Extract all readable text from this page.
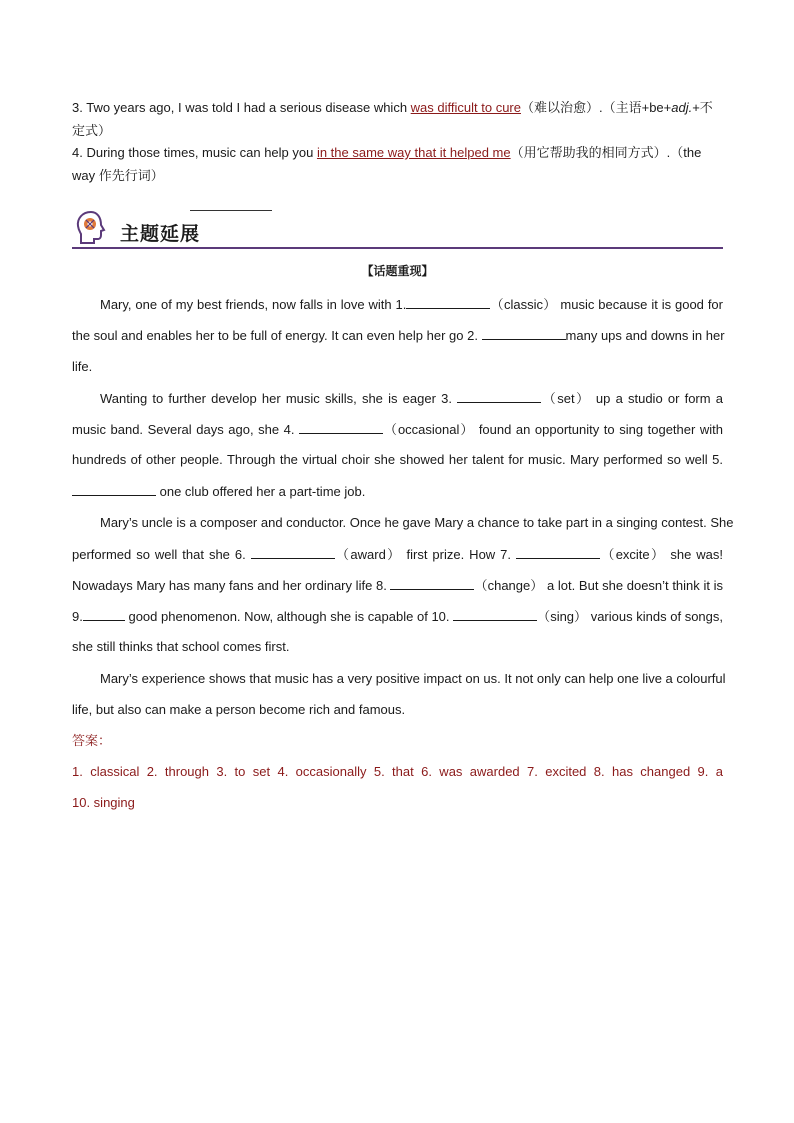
3. Two years ago, I was told I had a serious disease which was difficult to cure（难以治愈）.（主语+be+adj.+不
定式）
4. During those times, music can help you in the same way that it helped me（用它帮助我的相同方式）.（the
way 作先行词）
主题延展
【话题重现】
Mary, one of my best friends, now falls in love with 1.	（classic） music because it is good for
the soul and enables her to be full of energy. It can even help her go 2.	many ups and downs in her
life.
Wanting to further develop her music skills, she is eager 3.	（set） up a studio or form a
music band. Several days ago, she 4.	（occasional） found an opportunity to sing together with
hundreds of other people. Through the virtual choir she showed her talent for music. Mary performed so well 5.
one club offered her a part-time job.
Mary’s uncle is a composer and conductor. Once he gave Mary a chance to take part in a singing contest. She
performed so well that she 6.	（award） first prize. How 7.	（excite） she was!
Nowadays Mary has many fans and her ordinary life 8.	（change） a lot. But she doesn’t think it is
9.	good phenomenon. Now, although she is capable of 10.	（sing） various kinds of songs,
she still thinks that school comes first.
Mary’s experience shows that music has a very positive impact on us. It not only can help one live a colourful
life, but also can make a person become rich and famous.
答案：
1. classical 2. through 3. to set 4. occasionally 5. that 6. was awarded 7. excited 8. has changed 9. a
10. singing
